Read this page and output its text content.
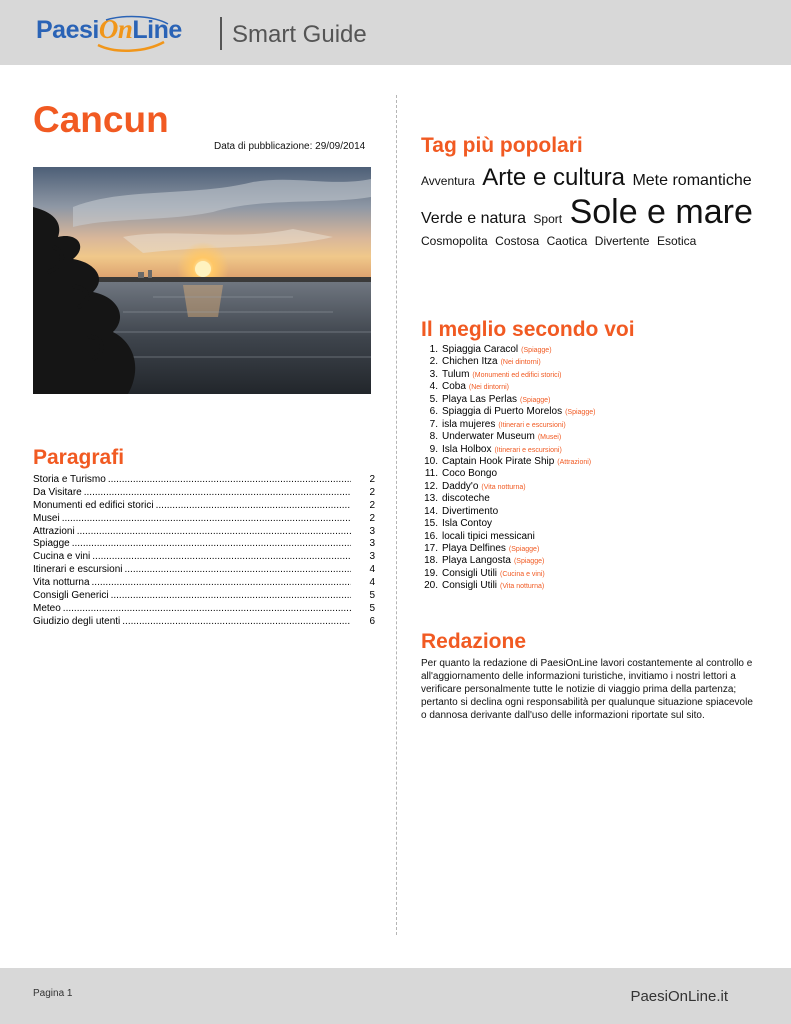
PaesiOnLine Smart Guide
Cancun
Data di pubblicazione: 29/09/2014
Paragrafi
Storia e Turismo .....	2
Da Visitare .....	2
Monumenti ed edifici storici .....	2
Musei .....	2
Attrazioni .....	3
Spiagge .....	3
Cucina e vini .....	3
Itinerari e escursioni .....	4
Vita notturna .....	4
Consigli Generici .....	5
Meteo .....	5
Giudizio degli utenti .....	6
Tag più popolari
Avventura Arte e cultura Mete romantiche Verde e natura Sport Sole e mare Cosmopolita Costosa Caotica Divertente Esotica
Il meglio secondo voi
1. Spiaggia Caracol (Spiagge)
2. Chichen Itza (Nei dintorni)
3. Tulum (Monumenti ed edifici storici)
4. Coba (Nei dintorni)
5. Playa Las Perlas (Spiagge)
6. Spiaggia di Puerto Morelos (Spiagge)
7. isla mujeres (Itinerari e escursioni)
8. Underwater Museum (Musei)
9. Isla Holbox (Itinerari e escursioni)
10. Captain Hook Pirate Ship (Attrazioni)
11. Coco Bongo
12. Daddy'o (Vita notturna)
13. discoteche
14. Divertimento
15. Isla Contoy
16. locali tipici messicani
17. Playa Delfines (Spiagge)
18. Playa Langosta (Spiagge)
19. Consigli Utili (Cucina e vini)
20. Consigli Utili (Vita notturna)
Redazione
Per quanto la redazione di PaesiOnLine lavori costantemente al controllo e all'aggiornamento delle informazioni turistiche, invitiamo i nostri lettori a verificare personalmente tutte le notizie di viaggio prima della partenza; pertanto si declina ogni responsabilità per qualunque situazione spiacevole o dannosa derivante dall'uso delle informazioni riportate sul sito.
Pagina 1	PaesiOnLine.it
